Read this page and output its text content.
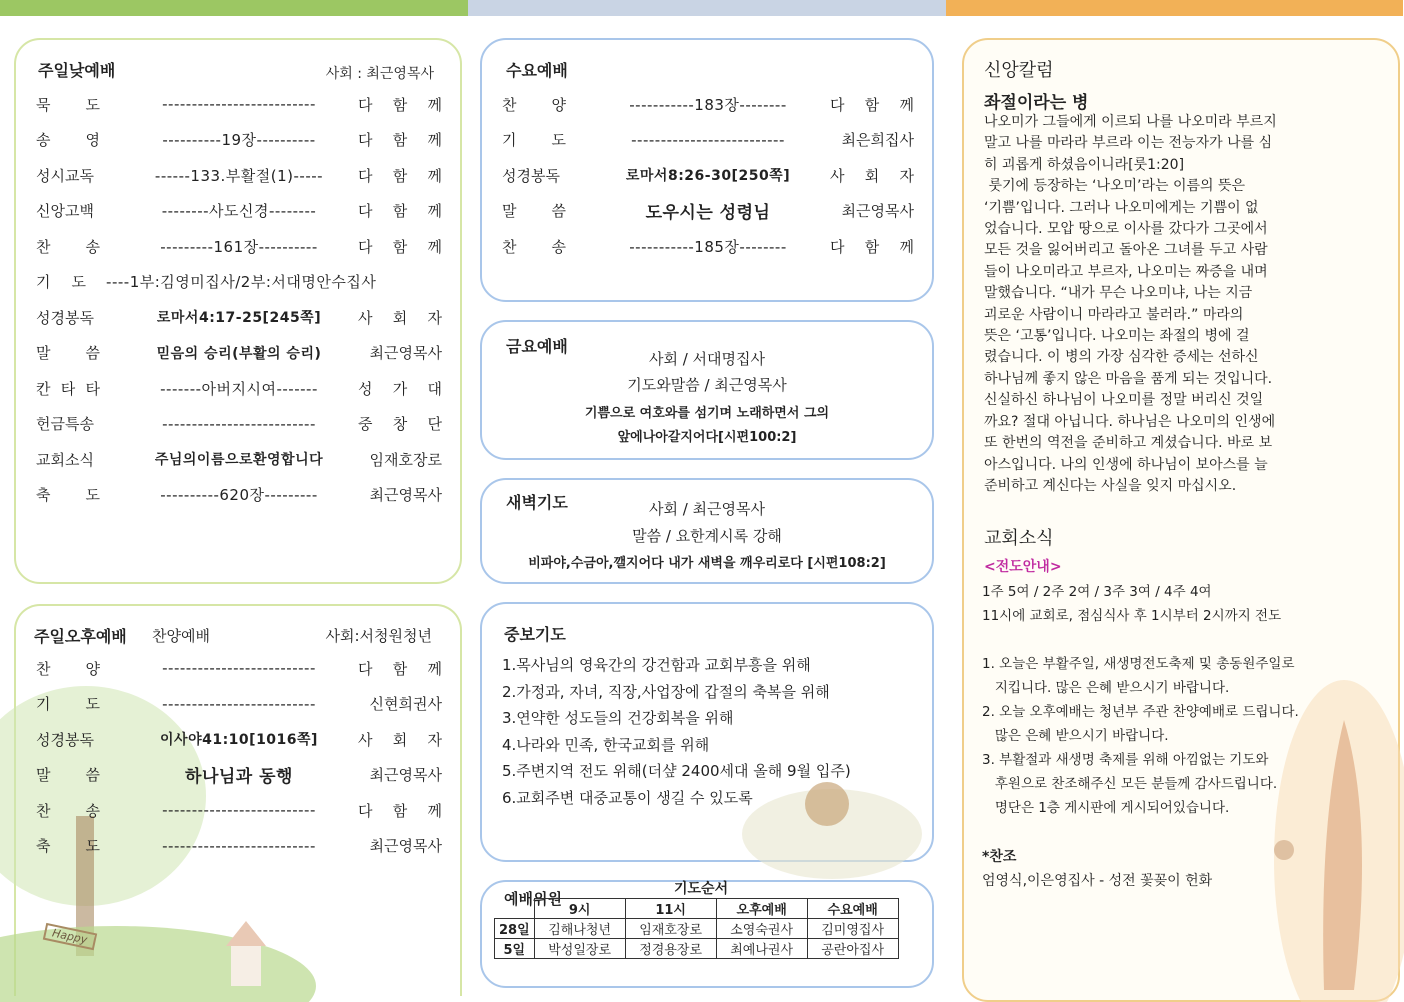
주일낮예배	사회 : 최근영목사
묵 도	--------------------------	다 함 께
송 영	----------19장----------	다 함 께
성시교독	------133.부활절(1)-----	다 함 께
신앙고백	--------사도신경--------	다 함 께
찬 송	---------161장----------	다 함 께
기 도 ----1부:김영미집사/2부:서대명안수집사
성경봉독	로마서4:17-25[245쪽]	사 회 자
말 씀	믿음의 승리(부활의 승리)	최근영목사
칸 타 타	-------아버지시여-------	성 가 대
헌금특송	--------------------------	중 창 단
교회소식	주님의이름으로환영합니다	임재호장로
축 도	----------620장---------	최근영목사
Happy
주일오후예배 찬양예배	사회:서청원청년
찬 양	--------------------------	다 함 께
기 도	--------------------------	신현희권사
성경봉독	이사야41:10[1016쪽]	사 회 자
말 씀	하나님과 동행	최근영목사
찬 송	--------------------------	다 함 께
축 도	--------------------------	최근영목사
수요예배
찬 양	-----------183장--------	다 함 께
기 도	--------------------------	최은희집사
성경봉독	로마서8:26-30[250쪽]	사 회 자
말 씀	도우시는 성령님	최근영목사
찬 송	-----------185장--------	다 함 께
금요예배
사회 / 서대명집사
기도와말씀 / 최근영목사
기쁨으로 여호와를 섬기며 노래하면서 그의
앞에나아갈지어다[시편100:2]
새벽기도	사회 / 최근영목사
말씀 / 요한계시록 강해
비파야,수금아,깰지어다 내가 새벽을 깨우리로다 [시편108:2]
중보기도
1.목사님의 영육간의 강건함과 교회부흥을 위해
2.가정과, 자녀, 직장,사업장에 갑절의 축복을 위해
3.연약한 성도들의 건강회복을 위해
4.나라와 민족, 한국교회를 위해
5.주변지역 전도 위해(더샾 2400세대 올해 9월 입주)
6.교회주변 대중교통이 생길 수 있도록
예배위원
기도순서
	9시	11시	오후예배	수요예배
28일	김해나청년	임재호장로	소영숙권사	김미영집사
5일	박성일장로	정경용장로	최예나권사	공란아집사
신앙칼럼
좌절이라는 병
나오미가 그들에게 이르되 나를 나오미라 부르지
말고 나를 마라라 부르라 이는 전능자가 나를 심
히 괴롭게 하셨음이니라[룻1:20]
룻기에 등장하는 ‘나오미’라는 이름의 뜻은
‘기쁨’입니다. 그러나 나오미에게는 기쁨이 없
었습니다. 모압 땅으로 이사를 갔다가 그곳에서
모든 것을 잃어버리고 돌아온 그녀를 두고 사람
들이 나오미라고 부르자, 나오미는 짜증을 내며
말했습니다. “내가 무슨 나오미냐, 나는 지금
괴로운 사람이니 마라라고 불러라.” 마라의
뜻은 ‘고통’입니다. 나오미는 좌절의 병에 걸
렸습니다. 이 병의 가장 심각한 증세는 선하신
하나님께 좋지 않은 마음을 품게 되는 것입니다.
신실하신 하나님이 나오미를 정말 버리신 것일
까요? 절대 아닙니다. 하나님은 나오미의 인생에
또 한번의 역전을 준비하고 계셨습니다. 바로 보
아스입니다. 나의 인생에 하나님이 보아스를 늘
준비하고 계신다는 사실을 잊지 마십시오.
교회소식
<전도안내>
1주 5여 / 2주 2여 / 3주 3여 / 4주 4여
11시에 교회로, 점심식사 후 1시부터 2시까지 전도
1. 오늘은 부활주일, 새생명전도축제 및 총동원주일로
지킵니다. 많은 은혜 받으시기 바랍니다.
2. 오늘 오후예배는 청년부 주관 찬양예배로 드립니다.
많은 은혜 받으시기 바랍니다.
3. 부활절과 새생명 축제를 위해 아낌없는 기도와
후원으로 찬조해주신 모든 분들께 감사드립니다.
명단은 1층 게시판에 게시되어있습니다.
*찬조
엄영식,이은영집사 - 성전 꽃꽂이 헌화
